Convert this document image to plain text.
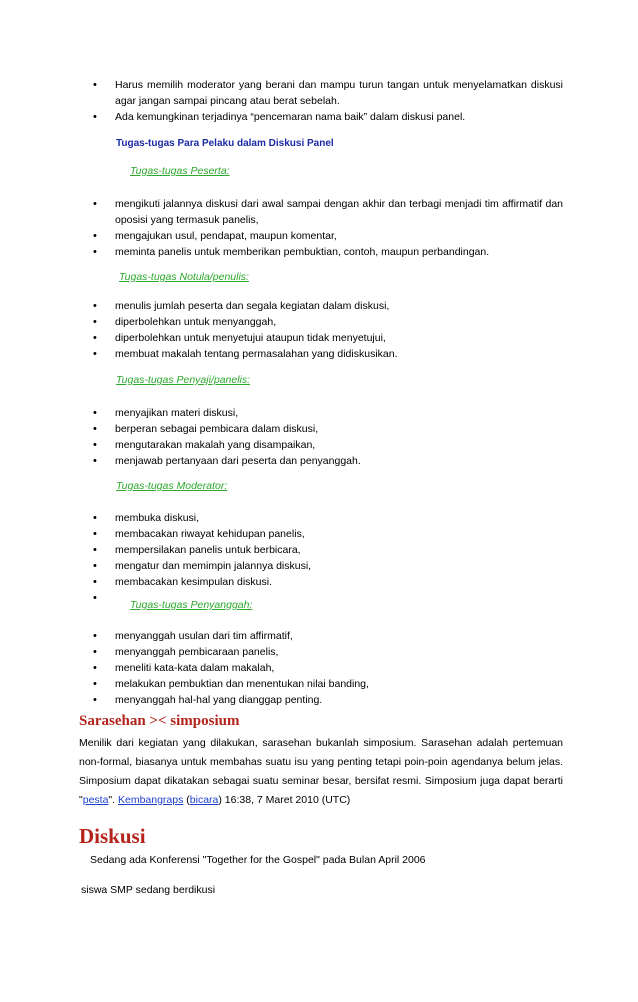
• Harus memilih moderator yang berani dan mampu turun tangan untuk menyelamatkan diskusi agar jangan sampai pincang atau berat sebelah.
• Ada kemungkinan terjadinya “pencemaran nama baik” dalam diskusi panel.
Tugas-tugas Para Pelaku dalam Diskusi Panel
Tugas-tugas Peserta:
• mengikuti jalannya diskusi dari awal sampai dengan akhir dan terbagi menjadi tim affirmatif dan oposisi yang termasuk panelis,
• mengajukan usul, pendapat, maupun komentar,
• meminta panelis untuk memberikan pembuktian, contoh, maupun perbandingan.
Tugas-tugas Notula/penulis:
• menulis jumlah peserta dan segala kegiatan dalam diskusi,
• diperbolehkan untuk menyanggah,
• diperbolehkan untuk menyetujui ataupun tidak menyetujui,
• membuat makalah tentang permasalahan yang didiskusikan.
Tugas-tugas Penyaji/panelis:
• menyajikan materi diskusi,
• berperan sebagai pembicara dalam diskusi,
• mengutarakan makalah yang disampaikan,
• menjawab pertanyaan dari peserta dan penyanggah.
Tugas-tugas Moderator:
• membuka diskusi,
• membacakan riwayat kehidupan panelis,
• mempersilakan panelis untuk berbicara,
• mengatur dan memimpin jalannya diskusi,
• membacakan kesimpulan diskusi.
•
Tugas-tugas Penyanggah:
• menyanggah usulan dari tim affirmatif,
• menyanggah pembicaraan panelis,
• meneliti kata-kata dalam makalah,
• melakukan pembuktian dan menentukan nilai banding,
• menyanggah hal-hal yang dianggap penting.
Sarasehan >< simposium
Menilik dari kegiatan yang dilakukan, sarasehan bukanlah simposium. Sarasehan adalah pertemuan non-formal, biasanya untuk membahas suatu isu yang penting tetapi poin-poin agendanya belum jelas. Simposium dapat dikatakan sebagai suatu seminar besar, bersifat resmi. Simposium juga dapat berarti "pesta". Kembangraps (bicara) 16:38, 7 Maret 2010 (UTC)
Diskusi
Sedang ada Konferensi "Together for the Gospel" pada Bulan April 2006
siswa SMP sedang berdikusi
